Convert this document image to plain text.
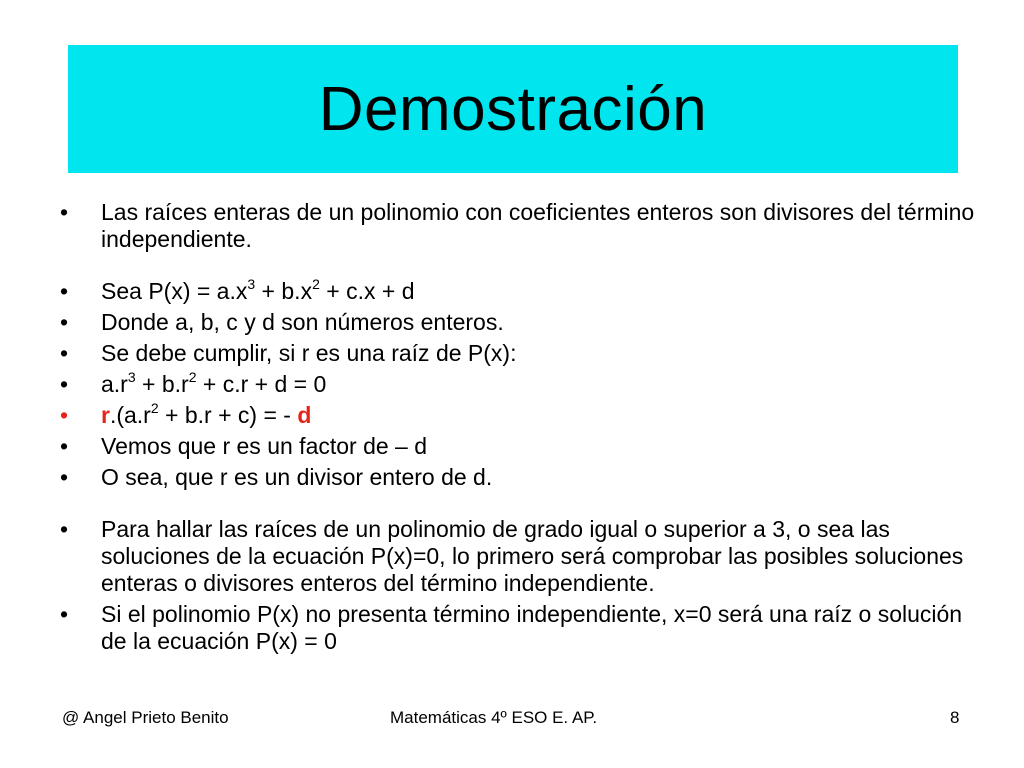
Demostración
•	Las raíces enteras de un polinomio con coeficientes enteros son divisores del término independiente.
•	Sea $P(x) = a.x^3 + b.x^2 + c.x + d$
•	Donde a, b, c y d son números enteros.
•	Se debe cumplir, si r es una raíz de P(x):
•	$a.r^3 + b.r^2 + c.r + d = 0$
•	$r.(a.r^2 + b.r + c)$ = - d
•	Vemos que r es un factor de – d
•	O sea, que r es un divisor entero de d.
•	Para hallar las raíces de un polinomio de grado igual o superior a 3, o sea las soluciones de la ecuación P(x)=0, lo primero será comprobar las posibles soluciones enteras o divisores enteros del término independiente.
•	Si el polinomio P(x) no presenta término independiente, x=0 será una raíz o solución de la ecuación P(x) = 0
@ Angel Prieto Benito	Matemáticas 4º ESO E. AP.	8
